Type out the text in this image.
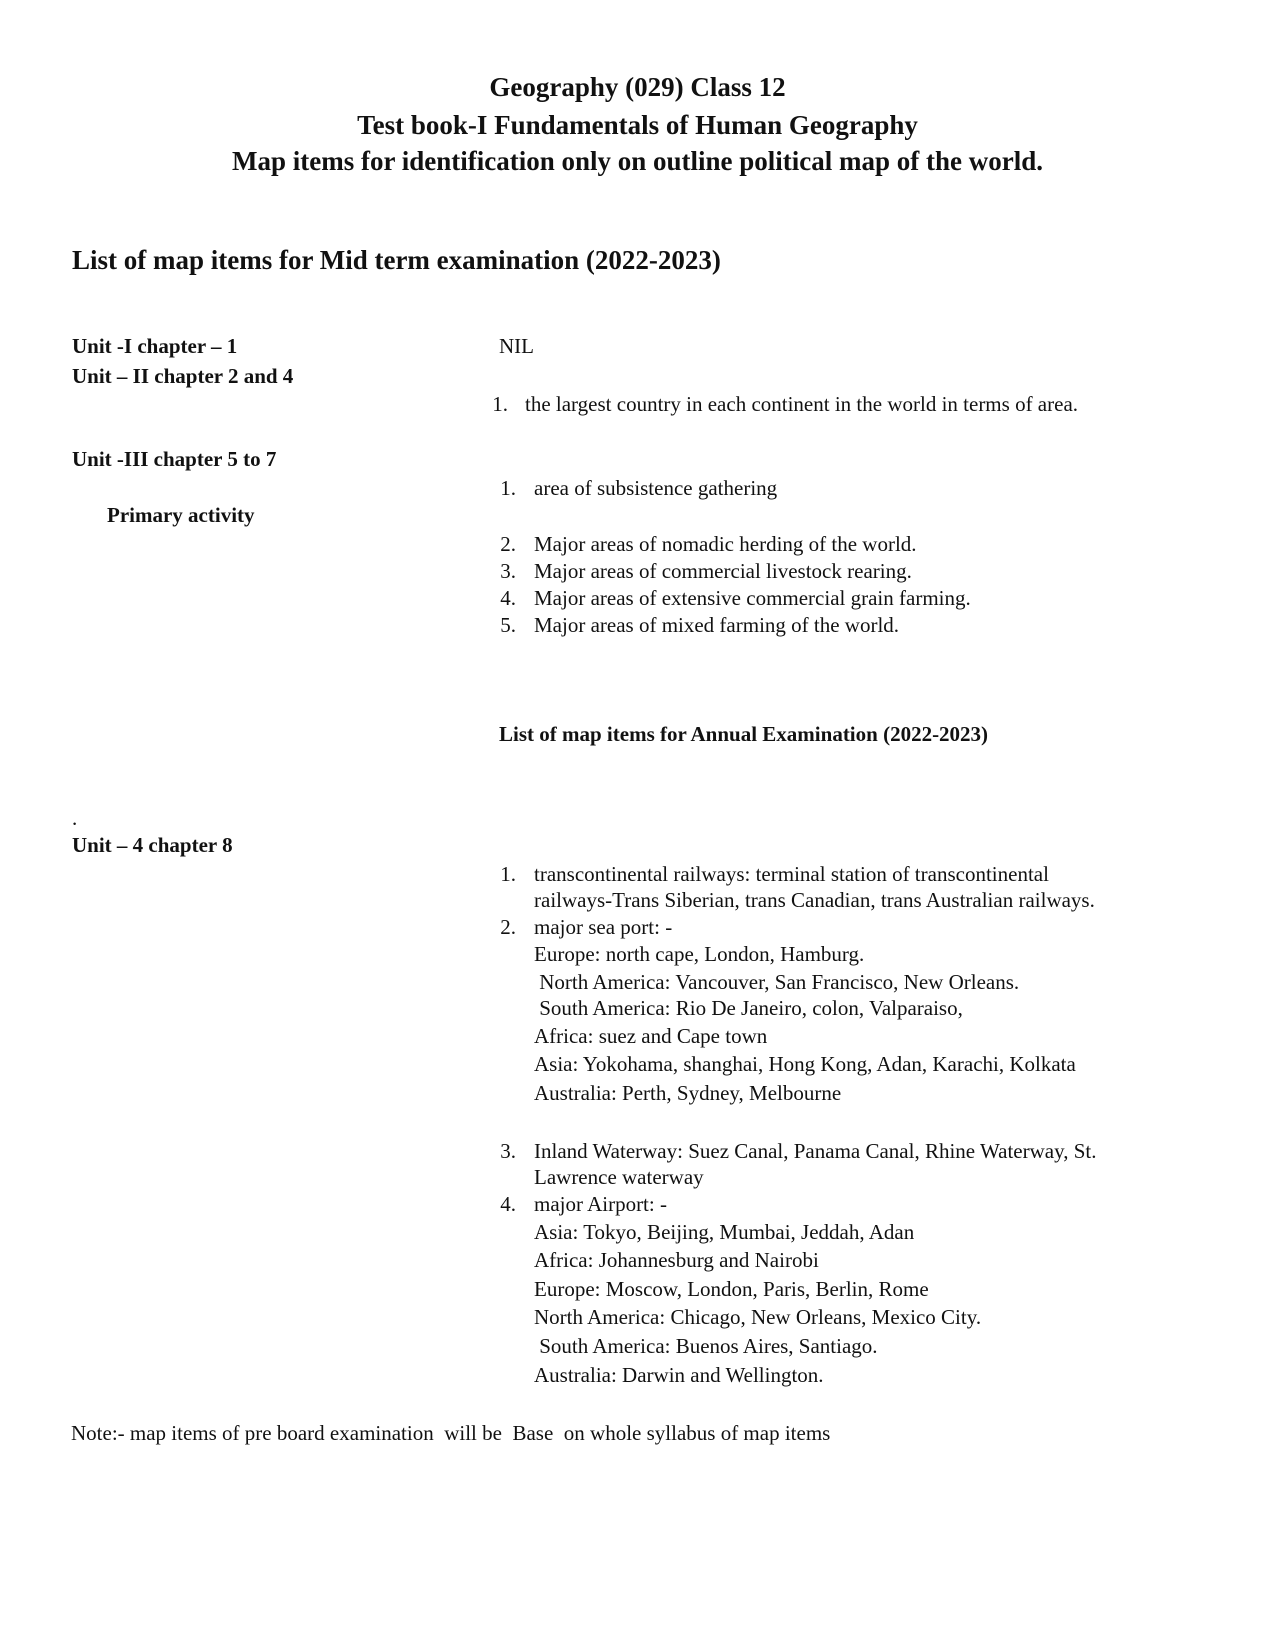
Geography (029) Class 12
Test book-I Fundamentals of Human Geography
Map items for identification only on outline political map of the world.
List of map items for Mid term examination (2022-2023)
Unit -I chapter – 1	NIL
Unit – II chapter 2 and 4
1. the largest country in each continent in the world in terms of area.
Unit -III chapter 5 to 7
Primary activity
1. area of subsistence gathering
2. Major areas of nomadic herding of the world.
3. Major areas of commercial livestock rearing.
4. Major areas of extensive commercial grain farming.
5. Major areas of mixed farming of the world.
List of map items for Annual Examination (2022-2023)
.
Unit – 4 chapter 8
1. transcontinental railways: terminal station of transcontinental
railways-Trans Siberian, trans Canadian, trans Australian railways.
2. major sea port: -
Europe: north cape, London, Hamburg.
North America: Vancouver, San Francisco, New Orleans.
South America: Rio De Janeiro, colon, Valparaiso,
Africa: suez and Cape town
Asia: Yokohama, shanghai, Hong Kong, Adan, Karachi, Kolkata
Australia: Perth, Sydney, Melbourne
3. Inland Waterway: Suez Canal, Panama Canal, Rhine Waterway, St.
Lawrence waterway
4. major Airport: -
Asia: Tokyo, Beijing, Mumbai, Jeddah, Adan
Africa: Johannesburg and Nairobi
Europe: Moscow, London, Paris, Berlin, Rome
North America: Chicago, New Orleans, Mexico City.
South America: Buenos Aires, Santiago.
Australia: Darwin and Wellington.
Note:- map items of pre board examination  will be  Base  on whole syllabus of map items
